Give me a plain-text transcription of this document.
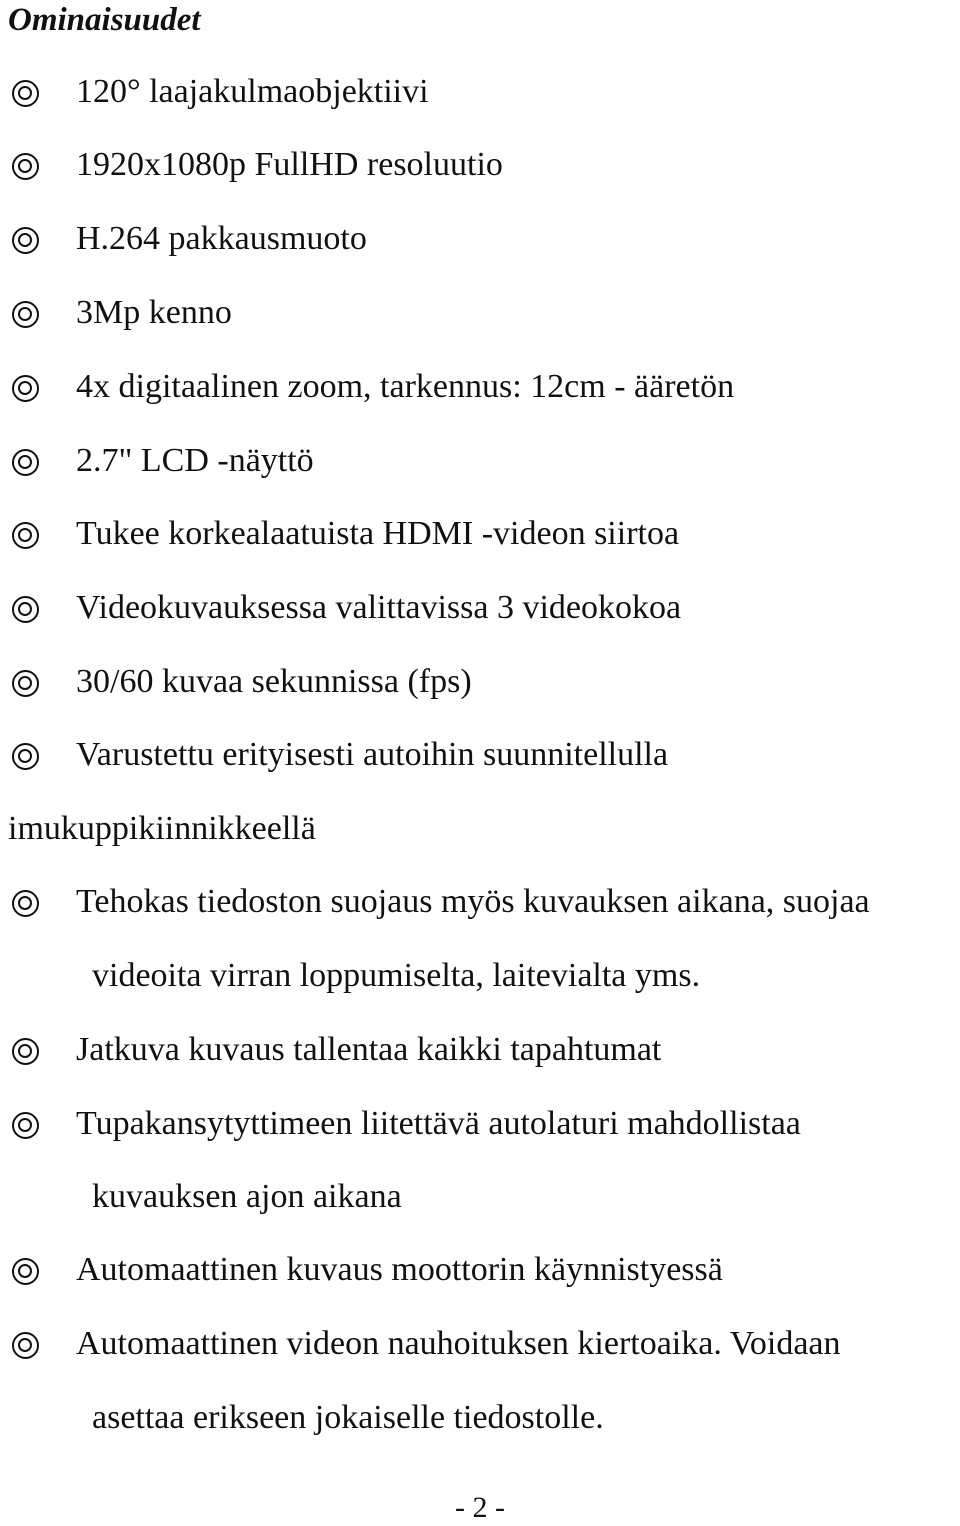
Ominaisuudet
120° laajakulmaobjektiivi
1920x1080p FullHD resoluutio
H.264 pakkausmuoto
3Mp kenno
4x digitaalinen zoom, tarkennus: 12cm - ääretön
2.7" LCD -näyttö
Tukee korkealaatuista HDMI -videon siirtoa
Videokuvauksessa valittavissa 3 videokokoa
30/60 kuvaa sekunnissa (fps)
Varustettu erityisesti autoihin suunnitellulla
imukuppikiinnikkeellä
Tehokas tiedoston suojaus myös kuvauksen aikana, suojaa
videoita virran loppumiselta, laitevialta yms.
Jatkuva kuvaus tallentaa kaikki tapahtumat
Tupakansytyttimeen liitettävä autolaturi mahdollistaa
kuvauksen ajon aikana
Automaattinen kuvaus moottorin käynnistyessä
Automaattinen videon nauhoituksen kiertoaika. Voidaan
asettaa erikseen jokaiselle tiedostolle.
- 2 -
